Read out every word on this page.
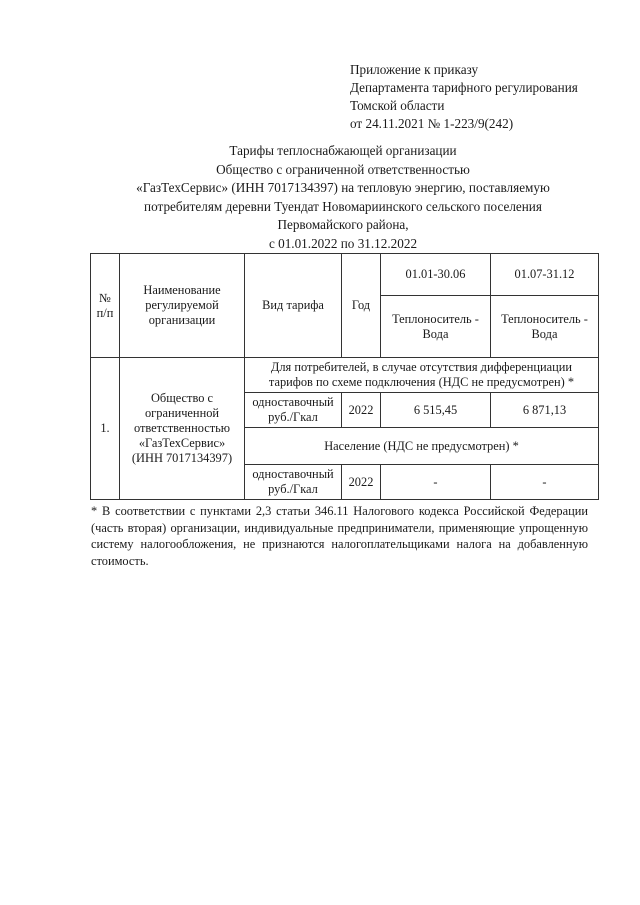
Приложение к приказу
Департамента тарифного регулирования
Томской области
от 24.11.2021 № 1-223/9(242)
Тарифы теплоснабжающей организации
Общество с ограниченной ответственностью
«ГазТехСервис» (ИНН 7017134397) на тепловую энергию, поставляемую
потребителям деревни Туендат Новомариинского сельского поселения
Первомайского района,
с 01.01.2022 по 31.12.2022
№ п/п	Наименование регулируемой организации	Вид тарифа	Год	01.01-30.06	01.07-31.12
				Теплоноситель - Вода	Теплоноситель - Вода
1.	Общество с ограниченной ответственностью «ГазТехСервис» (ИНН 7017134397)	Для потребителей, в случае отсутствия дифференциации тарифов по схеме подключения (НДС не предусмотрен) *			
		одноставочный руб./Гкал	2022	6 515,45	6 871,13
		Население (НДС не предусмотрен) *			
		одноставочный руб./Гкал	2022	-	-
* В соответствии с пунктами 2,3 статьи 346.11 Налогового кодекса Российской Федерации (часть вторая) организации, индивидуальные предприниматели, применяющие упрощенную систему налогообложения, не признаются налогоплательщиками налога на добавленную стоимость.
